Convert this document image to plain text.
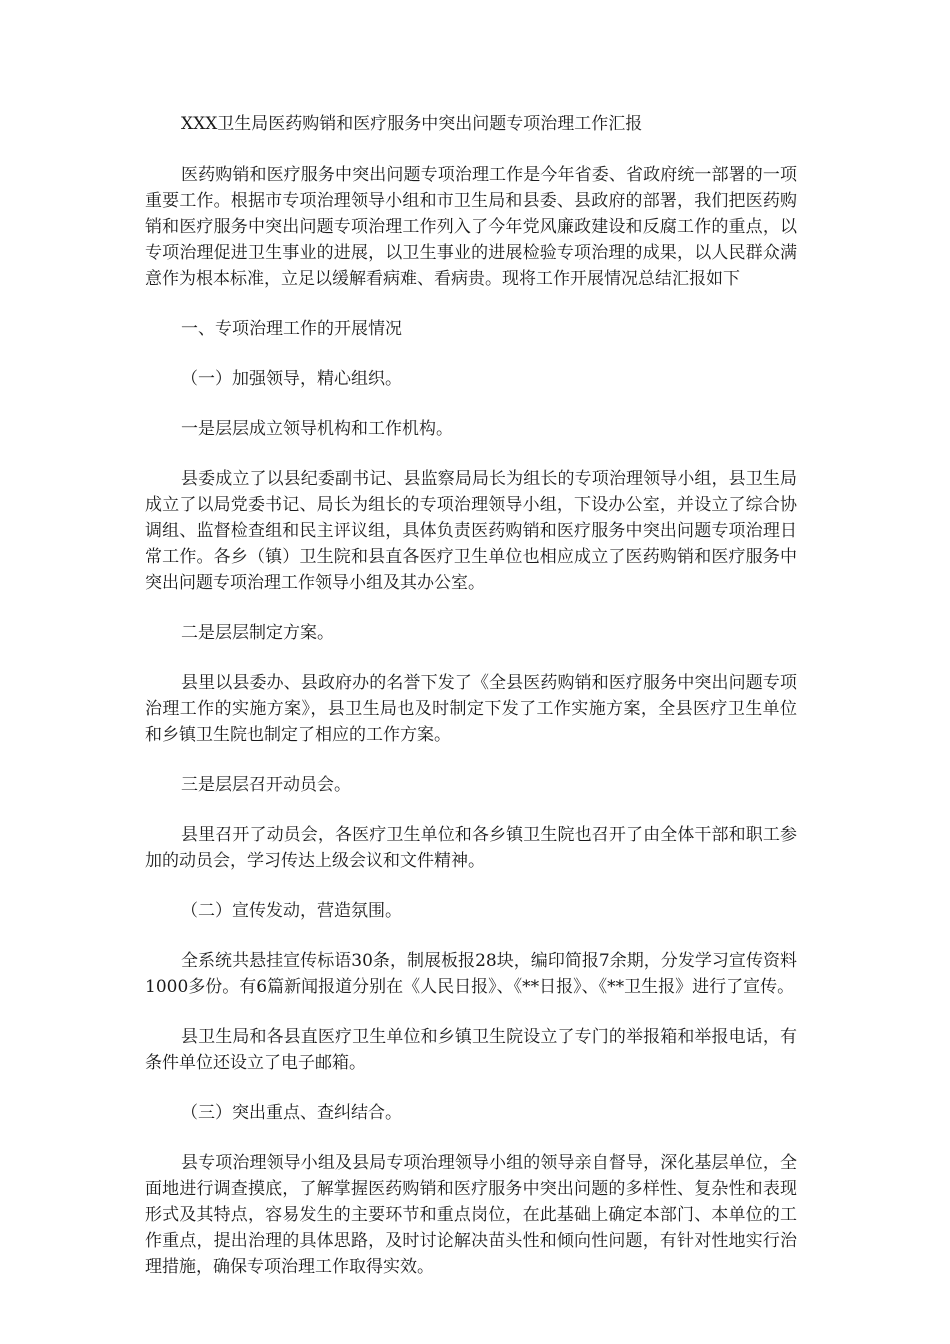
XXX卫生局医药购销和医疗服务中突出问题专项治理工作汇报

医药购销和医疗服务中突出问题专项治理工作是今年省委、省政府统一部署的一项重要工作。根据市专项治理领导小组和市卫生局和县委、县政府的部署，我们把医药购销和医疗服务中突出问题专项治理工作列入了今年党风廉政建设和反腐工作的重点，以专项治理促进卫生事业的进展，以卫生事业的进展检验专项治理的成果，以人民群众满意作为根本标准，立足以缓解看病难、看病贵。现将工作开展情况总结汇报如下

一、专项治理工作的开展情况

（一）加强领导，精心组织。

一是层层成立领导机构和工作机构。

县委成立了以县纪委副书记、县监察局局长为组长的专项治理领导小组，县卫生局成立了以局党委书记、局长为组长的专项治理领导小组，下设办公室，并设立了综合协调组、监督检查组和民主评议组，具体负责医药购销和医疗服务中突出问题专项治理日常工作。各乡（镇）卫生院和县直各医疗卫生单位也相应成立了医药购销和医疗服务中突出问题专项治理工作领导小组及其办公室。

二是层层制定方案。

县里以县委办、县政府办的名誉下发了《全县医药购销和医疗服务中突出问题专项治理工作的实施方案》，县卫生局也及时制定下发了工作实施方案，全县医疗卫生单位和乡镇卫生院也制定了相应的工作方案。

三是层层召开动员会。

县里召开了动员会，各医疗卫生单位和各乡镇卫生院也召开了由全体干部和职工参加的动员会，学习传达上级会议和文件精神。

（二）宣传发动，营造氛围。

全系统共悬挂宣传标语30条，制展板报28块，编印简报7余期，分发学习宣传资料1000多份。有6篇新闻报道分别在《人民日报》、《**日报》、《**卫生报》进行了宣传。

县卫生局和各县直医疗卫生单位和乡镇卫生院设立了专门的举报箱和举报电话，有条件单位还设立了电子邮箱。

（三）突出重点、查纠结合。

县专项治理领导小组及县局专项治理领导小组的领导亲自督导，深化基层单位，全面地进行调查摸底，了解掌握医药购销和医疗服务中突出问题的多样性、复杂性和表现形式及其特点，容易发生的主要环节和重点岗位，在此基础上确定本部门、本单位的工作重点，提出治理的具体思路，及时讨论解决苗头性和倾向性问题，有针对性地实行治理措施，确保专项治理工作取得实效。
